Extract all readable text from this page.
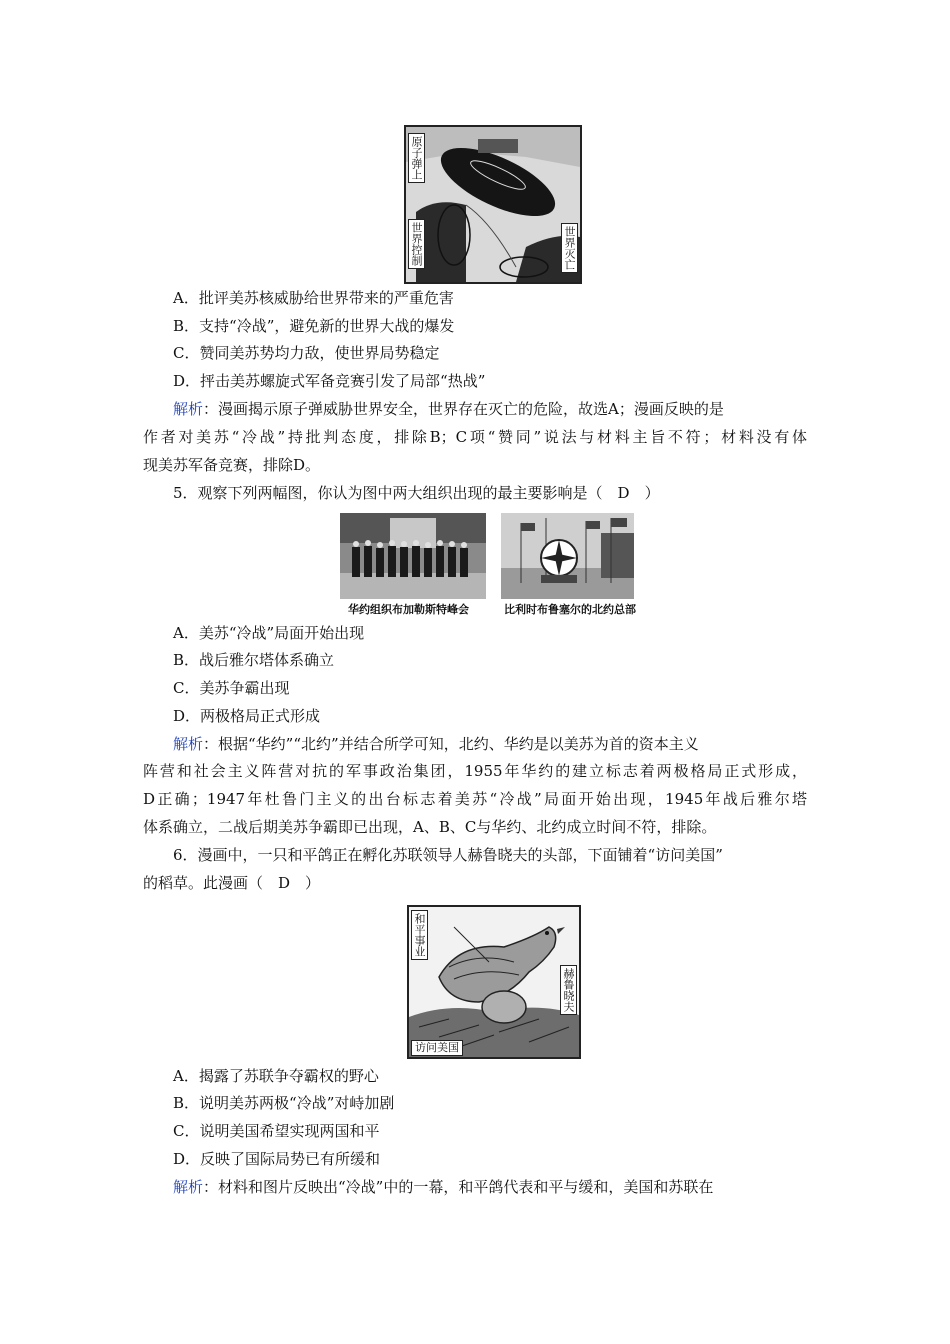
原子弹上
世界控制	世界灭亡
A．批评美苏核威胁给世界带来的严重危害
B．支持“冷战”，避免新的世界大战的爆发
C．赞同美苏势均力敌，使世界局势稳定
D．抨击美苏螺旋式军备竞赛引发了局部“热战”
解析：漫画揭示原子弹威胁世界安全，世界存在灭亡的危险，故选A；漫画反映的是
作者对美苏“冷战”持批判态度，排除B；C项“赞同”说法与材料主旨不符；材料没有体
现美苏军备竞赛，排除D。
5．观察下列两幅图，你认为图中两大组织出现的最主要影响是（　D　）
华约组织布加勒斯特峰会	比利时布鲁塞尔的北约总部
A．美苏“冷战”局面开始出现
B．战后雅尔塔体系确立
C．美苏争霸出现
D．两极格局正式形成
解析：根据“华约”“北约”并结合所学可知，北约、华约是以美苏为首的资本主义
阵营和社会主义阵营对抗的军事政治集团，1955年华约的建立标志着两极格局正式形成，
D正确；1947年杜鲁门主义的出台标志着美苏“冷战”局面开始出现，1945年战后雅尔塔
体系确立，二战后期美苏争霸即已出现，A、B、C与华约、北约成立时间不符，排除。
6．漫画中，一只和平鸽正在孵化苏联领导人赫鲁晓夫的头部，下面铺着“访问美国”
的稻草。此漫画（　D　）
和平事业
赫鲁晓夫
访问美国
A．揭露了苏联争夺霸权的野心
B．说明美苏两极“冷战”对峙加剧
C．说明美国希望实现两国和平
D．反映了国际局势已有所缓和
解析：材料和图片反映出“冷战”中的一幕，和平鸽代表和平与缓和，美国和苏联在
